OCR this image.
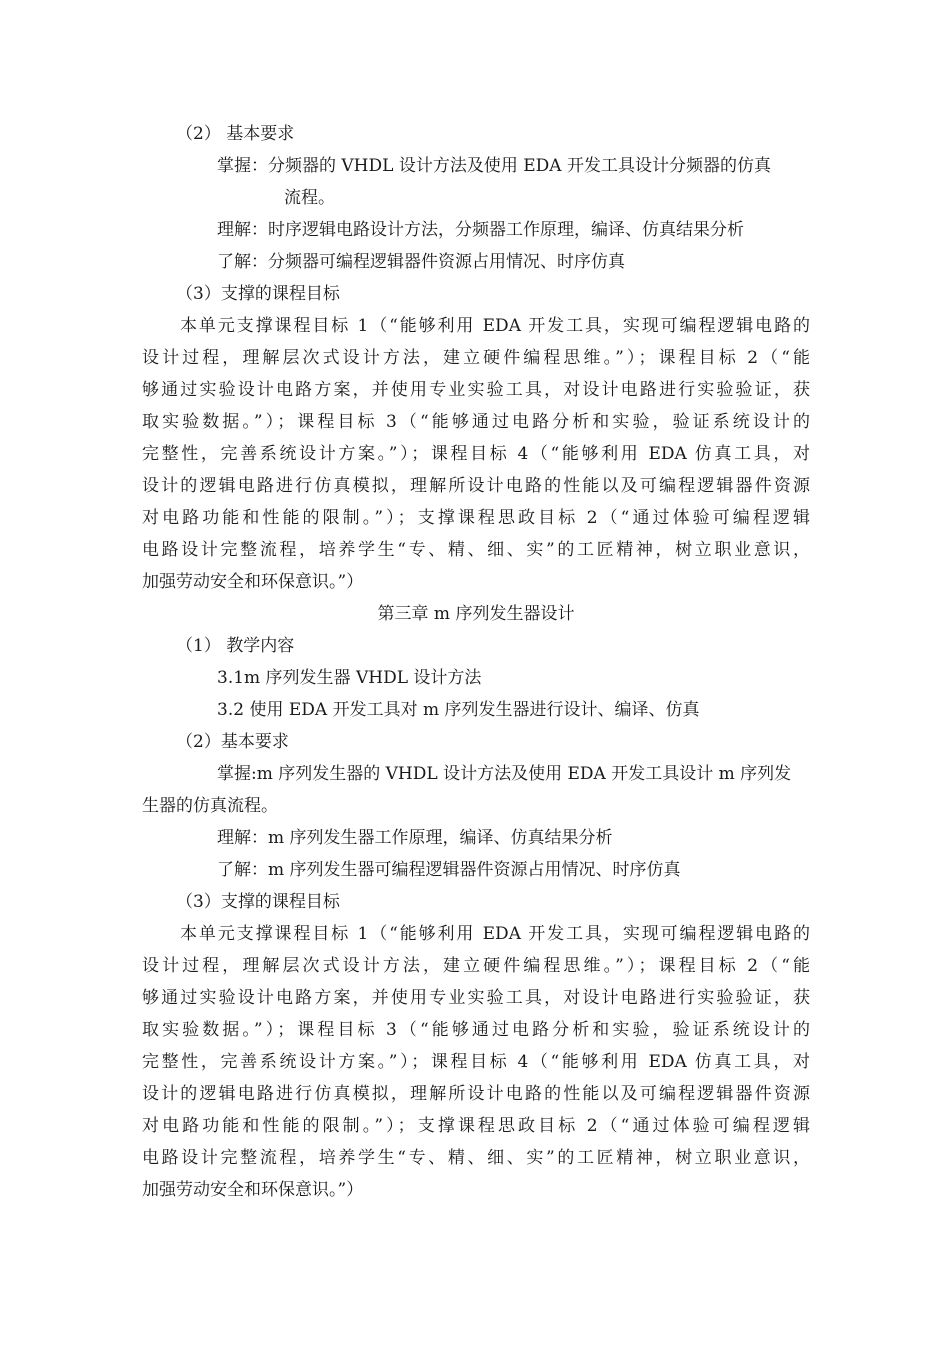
（2） 基本要求
掌握：分频器的 VHDL 设计方法及使用 EDA 开发工具设计分频器的仿真
流程。
理解：时序逻辑电路设计方法，分频器工作原理，编译、仿真结果分析
了解：分频器可编程逻辑器件资源占用情况、时序仿真
（3）支撑的课程目标
本单元支撑课程目标 1（“能够利用 EDA 开发工具，实现可编程逻辑电路的
设计过程，理解层次式设计方法，建立硬件编程思维。”）；课程目标 2（“能
够通过实验设计电路方案，并使用专业实验工具，对设计电路进行实验验证，获
取实验数据。”）；课程目标 3（“能够通过电路分析和实验，验证系统设计的
完整性，完善系统设计方案。”）；课程目标 4（“能够利用 EDA 仿真工具，对
设计的逻辑电路进行仿真模拟，理解所设计电路的性能以及可编程逻辑器件资源
对电路功能和性能的限制。”）；支撑课程思政目标 2（“通过体验可编程逻辑
电路设计完整流程，培养学生“专、精、细、实”的工匠精神，树立职业意识，
加强劳动安全和环保意识。”）
第三章 m 序列发生器设计
（1） 教学内容
3.1m 序列发生器 VHDL 设计方法
3.2 使用 EDA 开发工具对 m 序列发生器进行设计、编译、仿真
（2）基本要求
掌握:m 序列发生器的 VHDL 设计方法及使用 EDA 开发工具设计 m 序列发
生器的仿真流程。
理解：m 序列发生器工作原理，编译、仿真结果分析
了解：m 序列发生器可编程逻辑器件资源占用情况、时序仿真
（3）支撑的课程目标
本单元支撑课程目标 1（“能够利用 EDA 开发工具，实现可编程逻辑电路的
设计过程，理解层次式设计方法，建立硬件编程思维。”）；课程目标 2（“能
够通过实验设计电路方案，并使用专业实验工具，对设计电路进行实验验证，获
取实验数据。”）；课程目标 3（“能够通过电路分析和实验，验证系统设计的
完整性，完善系统设计方案。”）；课程目标 4（“能够利用 EDA 仿真工具，对
设计的逻辑电路进行仿真模拟，理解所设计电路的性能以及可编程逻辑器件资源
对电路功能和性能的限制。”）；支撑课程思政目标 2（“通过体验可编程逻辑
电路设计完整流程，培养学生“专、精、细、实”的工匠精神，树立职业意识，
加强劳动安全和环保意识。”）
